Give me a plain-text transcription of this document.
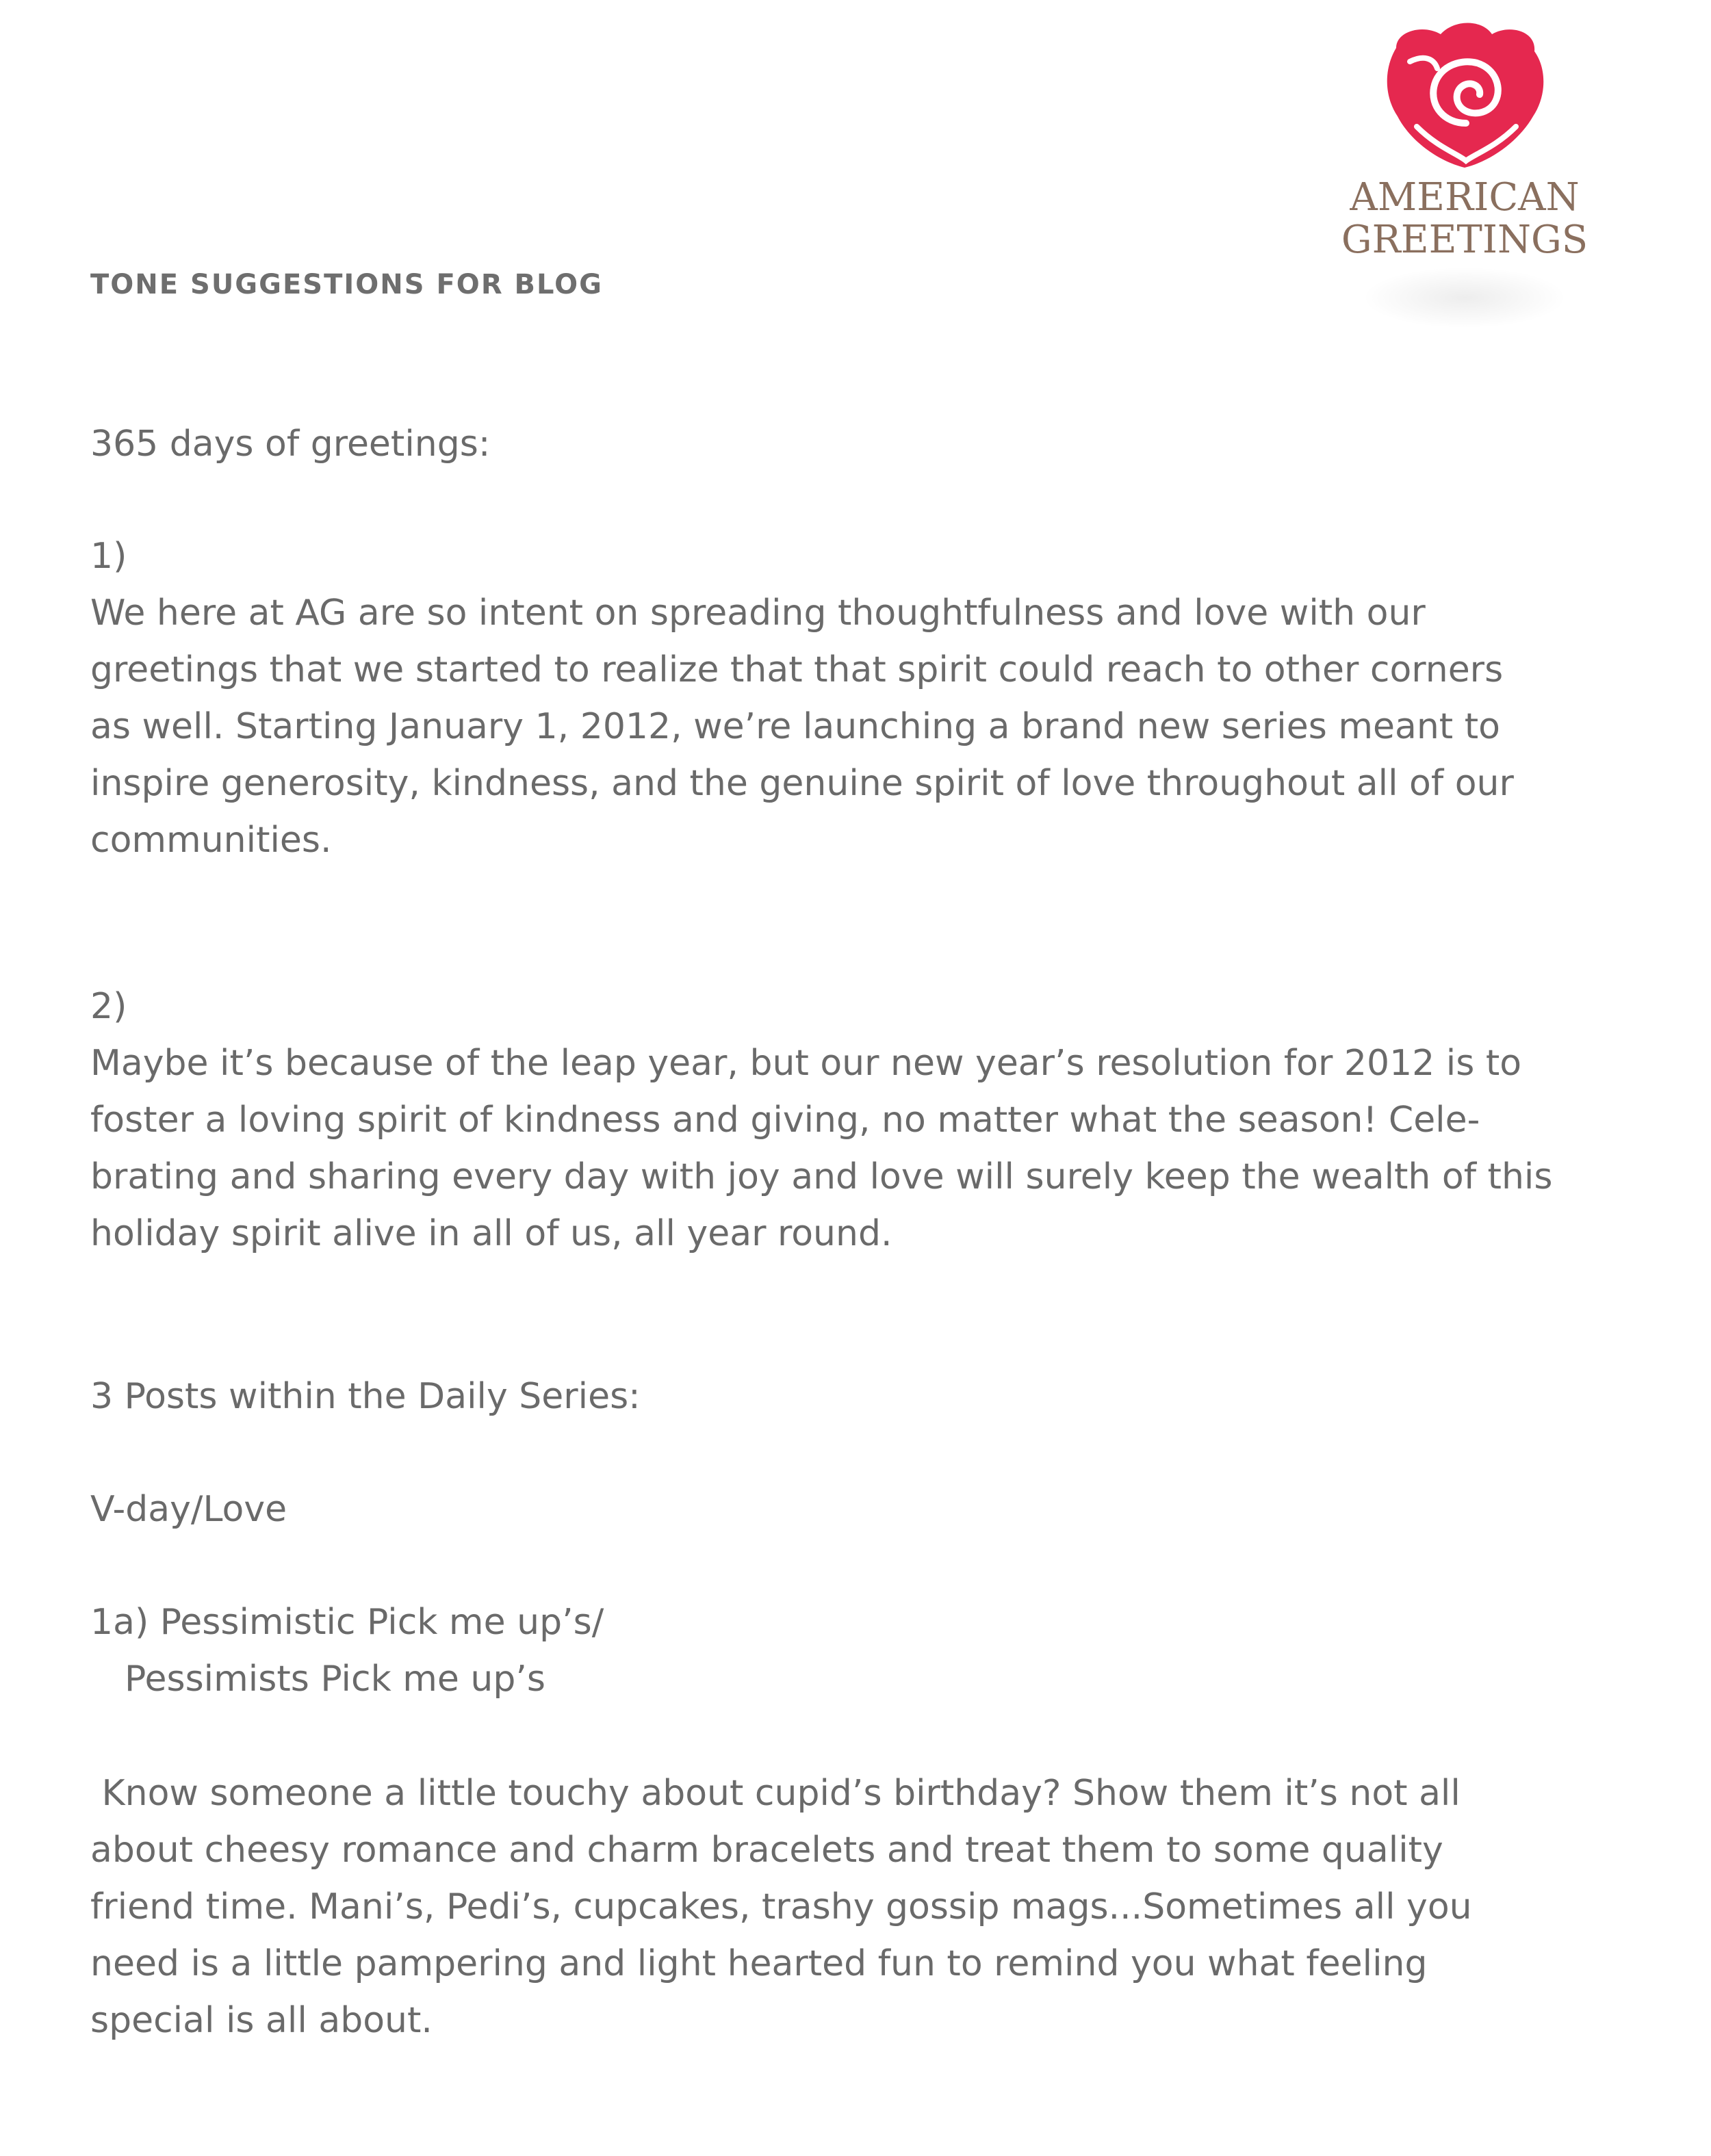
AMERICAN
GREETINGS

TONE SUGGESTIONS FOR BLOG

365 days of greetings:

1)

We here at AG are so intent on spreading thoughtfulness and love with our

greetings that we started to realize that that spirit could reach to other corners

as well. Starting January 1, 2012, we’re launching a brand new series meant to

inspire generosity, kindness, and the genuine spirit of love throughout all of our

communities.

2)

Maybe it’s because of the leap year, but our new year’s resolution for 2012 is to

foster a loving spirit of kindness and giving, no matter what the season! Cele-

brating and sharing every day with joy and love will surely keep the wealth of this

holiday spirit alive in all of us, all year round.

3 Posts within the Daily Series:

V-day/Love

1a) Pessimistic Pick me up’s/

Pessimists Pick me up’s

Know someone a little touchy about cupid’s birthday? Show them it’s not all

about cheesy romance and charm bracelets and treat them to some quality

friend time. Mani’s, Pedi’s, cupcakes, trashy gossip mags...Sometimes all you

need is a little pampering and light hearted fun to remind you what feeling

special is all about.
